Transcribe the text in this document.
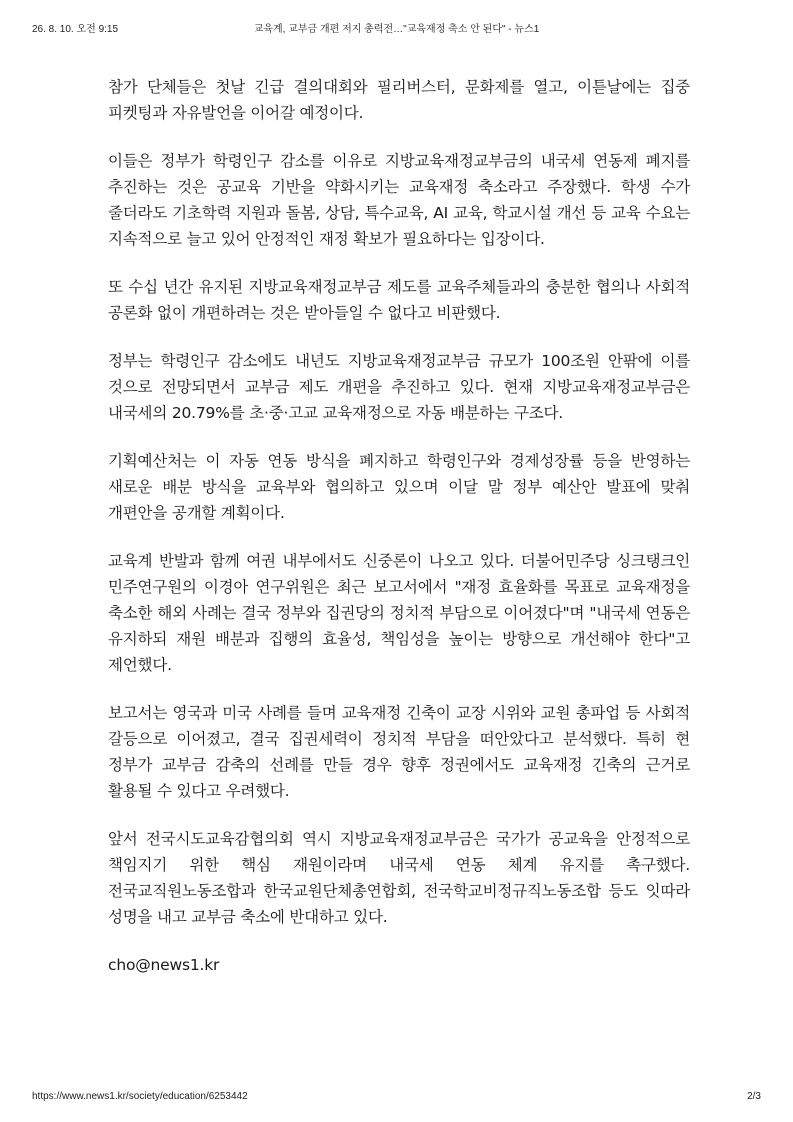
26. 8. 10. 오전 9:15	교육계, 교부금 개편 저지 총력전…"교육재정 축소 안 된다" - 뉴스1

참가 단체들은 첫날 긴급 결의대회와 필리버스터, 문화제를 열고, 이튿날에는 집중 피켓팅과 자유발언을 이어갈 예정이다.

이들은 정부가 학령인구 감소를 이유로 지방교육재정교부금의 내국세 연동제 폐지를 추진하는 것은 공교육 기반을 약화시키는 교육재정 축소라고 주장했다. 학생 수가 줄더라도 기초학력 지원과 돌봄, 상담, 특수교육, AI 교육, 학교시설 개선 등 교육 수요는 지속적으로 늘고 있어 안정적인 재정 확보가 필요하다는 입장이다.

또 수십 년간 유지된 지방교육재정교부금 제도를 교육주체들과의 충분한 협의나 사회적 공론화 없이 개편하려는 것은 받아들일 수 없다고 비판했다.

정부는 학령인구 감소에도 내년도 지방교육재정교부금 규모가 100조원 안팎에 이를 것으로 전망되면서 교부금 제도 개편을 추진하고 있다. 현재 지방교육재정교부금은 내국세의 20.79%를 초·중·고교 교육재정으로 자동 배분하는 구조다.

기획예산처는 이 자동 연동 방식을 폐지하고 학령인구와 경제성장률 등을 반영하는 새로운 배분 방식을 교육부와 협의하고 있으며 이달 말 정부 예산안 발표에 맞춰 개편안을 공개할 계획이다.

교육계 반발과 함께 여권 내부에서도 신중론이 나오고 있다. 더불어민주당 싱크탱크인 민주연구원의 이경아 연구위원은 최근 보고서에서 "재정 효율화를 목표로 교육재정을 축소한 해외 사례는 결국 정부와 집권당의 정치적 부담으로 이어졌다"며 "내국세 연동은 유지하되 재원 배분과 집행의 효율성, 책임성을 높이는 방향으로 개선해야 한다"고 제언했다.

보고서는 영국과 미국 사례를 들며 교육재정 긴축이 교장 시위와 교원 총파업 등 사회적 갈등으로 이어졌고, 결국 집권세력이 정치적 부담을 떠안았다고 분석했다. 특히 현 정부가 교부금 감축의 선례를 만들 경우 향후 정권에서도 교육재정 긴축의 근거로 활용될 수 있다고 우려했다.

앞서 전국시도교육감협의회 역시 지방교육재정교부금은 국가가 공교육을 안정적으로 책임지기 위한 핵심 재원이라며 내국세 연동 체계 유지를 촉구했다. 전국교직원노동조합과 한국교원단체총연합회, 전국학교비정규직노동조합 등도 잇따라 성명을 내고 교부금 축소에 반대하고 있다.

cho@news1.kr

https://www.news1.kr/society/education/6253442	2/3
